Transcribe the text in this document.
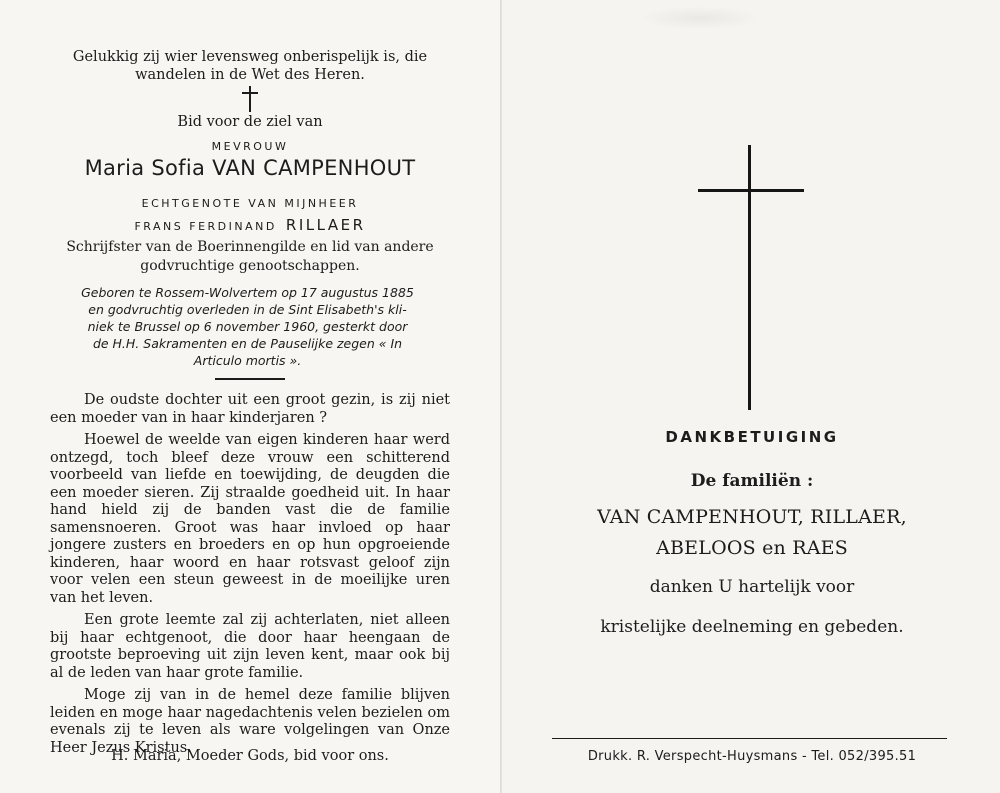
Gelukkig zij wier levensweg onberispelijk is, die
wandelen in de Wet des Heren.
Bid voor de ziel van
MEVROUW
Maria Sofia VAN CAMPENHOUT
ECHTGENOTE VAN MIJNHEER
FRANS FERDINAND RILLAER
Schrijfster van de Boerinnengilde en lid van andere
godvruchtige genootschappen.
Geboren te Rossem-Wolvertem op 17 augustus 1885
en godvruchtig overleden in de Sint Elisabeth's kli-
niek te Brussel op 6 november 1960, gesterkt door
de H.H. Sakramenten en de Pauselijke zegen « In
Articulo mortis ».

De oudste dochter uit een groot gezin, is zij niet een moeder van in haar kinderjaren ?

Hoewel de weelde van eigen kinderen haar werd ontzegd, toch bleef deze vrouw een schitterend voorbeeld van liefde en toewijding, de deugden die een moeder sieren. Zij straalde goedheid uit. In haar hand hield zij de banden vast die de familie samensnoeren. Groot was haar invloed op haar jongere zusters en broeders en op hun opgroeiende kinderen, haar woord en haar rotsvast geloof zijn voor velen een steun geweest in de moeilijke uren van het leven.

Een grote leemte zal zij achterlaten, niet alleen bij haar echtgenoot, die door haar heengaan de grootste beproeving uit zijn leven kent, maar ook bij al de leden van haar grote familie.

Moge zij van in de hemel deze familie blijven leiden en moge haar nagedachtenis velen bezielen om evenals zij te leven als ware volgelingen van Onze Heer Jezus Kristus.

H. Maria, Moeder Gods, bid voor ons.
DANKBETUIGING
De familiën :
VAN CAMPENHOUT, RILLAER,
ABELOOS en RAES
danken U hartelijk voor
kristelijke deelneming en gebeden.
Drukk. R. Verspecht-Huysmans - Tel. 052/395.51
